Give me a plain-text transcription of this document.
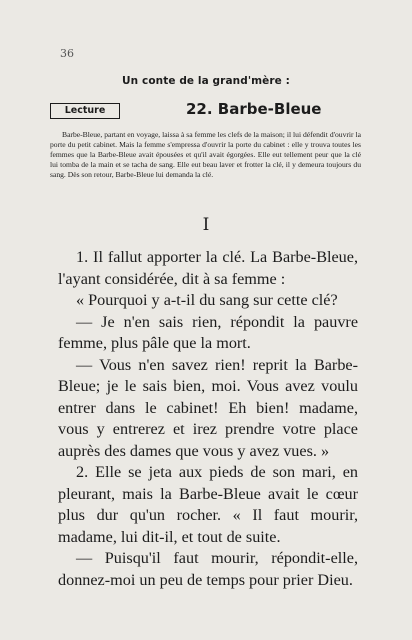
36
Un conte de la grand'mère :
Lecture	22. Barbe-Bleue
Barbe-Bleue, partant en voyage, laissa à sa femme les clefs de la maison; il lui défendit d'ouvrir la porte du petit cabinet. Mais la femme s'empressa d'ouvrir la porte du cabinet : elle y trouva toutes les femmes que la Barbe-Bleue avait épousées et qu'il avait égorgées. Elle eut tellement peur que la clé lui tomba de la main et se tacha de sang. Elle eut beau laver et frotter la clé, il y demeura toujours du sang. Dès son retour, Barbe-Bleue lui demanda la clé.
I

1. Il fallut apporter la clé. La Barbe-Bleue, l'ayant considérée, dit à sa femme :

« Pourquoi y a-t-il du sang sur cette clé?

— Je n'en sais rien, répondit la pauvre femme, plus pâle que la mort.

— Vous n'en savez rien! reprit la Barbe-Bleue; je le sais bien, moi. Vous avez voulu entrer dans le cabinet! Eh bien! madame, vous y entrerez et irez prendre votre place auprès des dames que vous y avez vues. »

2. Elle se jeta aux pieds de son mari, en pleurant, mais la Barbe-Bleue avait le cœur plus dur qu'un rocher. « Il faut mourir, madame, lui dit-il, et tout de suite.

— Puisqu'il faut mourir, répondit-elle, donnez-moi un peu de temps pour prier Dieu.
